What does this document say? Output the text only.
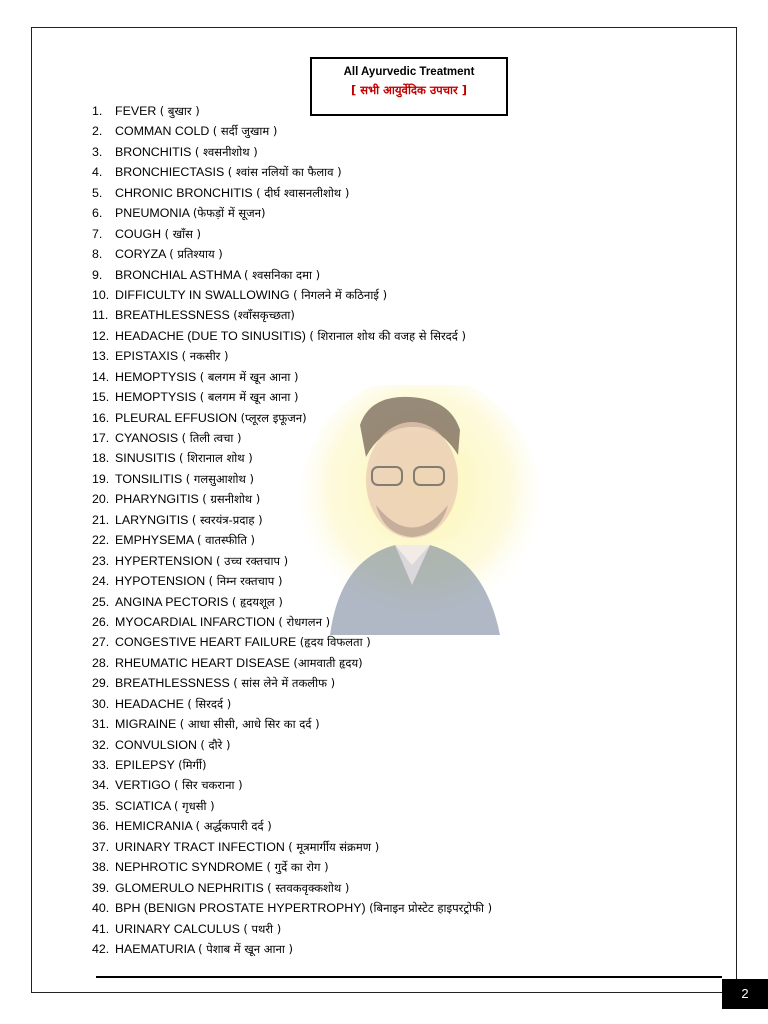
All Ayurvedic Treatment
[ सभी आयुर्वेदिक उपचार ]
1. FEVER ( बुखार )
2. COMMAN COLD ( सर्दी जुखाम )
3. BRONCHITIS ( श्वसनीशोथ )
4. BRONCHIECTASIS ( श्वांस नलियों का फैलाव )
5. CHRONIC BRONCHITIS ( दीर्घ श्वासनलीशोथ )
6. PNEUMONIA (फेफड़ों में सूजन)
7. COUGH ( खाँस )
8. CORYZA ( प्रतिश्याय )
9. BRONCHIAL ASTHMA ( श्वसनिका दमा )
10. DIFFICULTY IN SWALLOWING ( निगलने में कठिनाई )
11. BREATHLESSNESS (श्वाँसकृच्छता)
12. HEADACHE (DUE TO SINUSITIS) ( शिरानाल शोथ की वजह से सिरदर्द )
13. EPISTAXIS ( नकसीर )
14. HEMOPTYSIS ( बलगम में खून आना )
15. HEMOPTYSIS ( बलगम में खून आना )
16. PLEURAL EFFUSION (प्लूरल इफूजन)
17. CYANOSIS ( तिली त्वचा )
18. SINUSITIS ( शिरानाल शोथ )
19. TONSILITIS ( गलसुआशोथ )
20. PHARYNGITIS ( ग्रसनीशोथ )
21. LARYNGITIS ( स्वरयंत्र-प्रदाह )
22. EMPHYSEMA ( वातस्फीति )
23. HYPERTENSION ( उच्च रक्तचाप )
24. HYPOTENSION ( निम्न रक्तचाप )
25. ANGINA PECTORIS ( हृदयशूल )
26. MYOCARDIAL INFARCTION ( रोधगलन )
27. CONGESTIVE HEART FAILURE (हृदय विफलता )
28. RHEUMATIC HEART DISEASE (आमवाती हृदय)
29. BREATHLESSNESS ( सांस लेने में तकलीफ )
30. HEADACHE ( सिरदर्द )
31. MIGRAINE ( आधा सीसी, आधे सिर का दर्द )
32. CONVULSION ( दौरे )
33. EPILEPSY (मिर्गी)
34. VERTIGO ( सिर चकराना )
35. SCIATICA ( गृधसी )
36. HEMICRANIA ( अर्द्धकपारी दर्द )
37. URINARY TRACT INFECTION ( मूत्रमार्गीय संक्रमण )
38. NEPHROTIC SYNDROME ( गुर्दे का रोग )
39. GLOMERULO NEPHRITIS ( स्तवकवृक्कशोथ )
40. BPH (BENIGN PROSTATE HYPERTROPHY) (बिनाइन प्रोस्टेट हाइपरट्रोफी )
41. URINARY CALCULUS ( पथरी )
42. HAEMATURIA ( पेशाब में खून आना )
2
